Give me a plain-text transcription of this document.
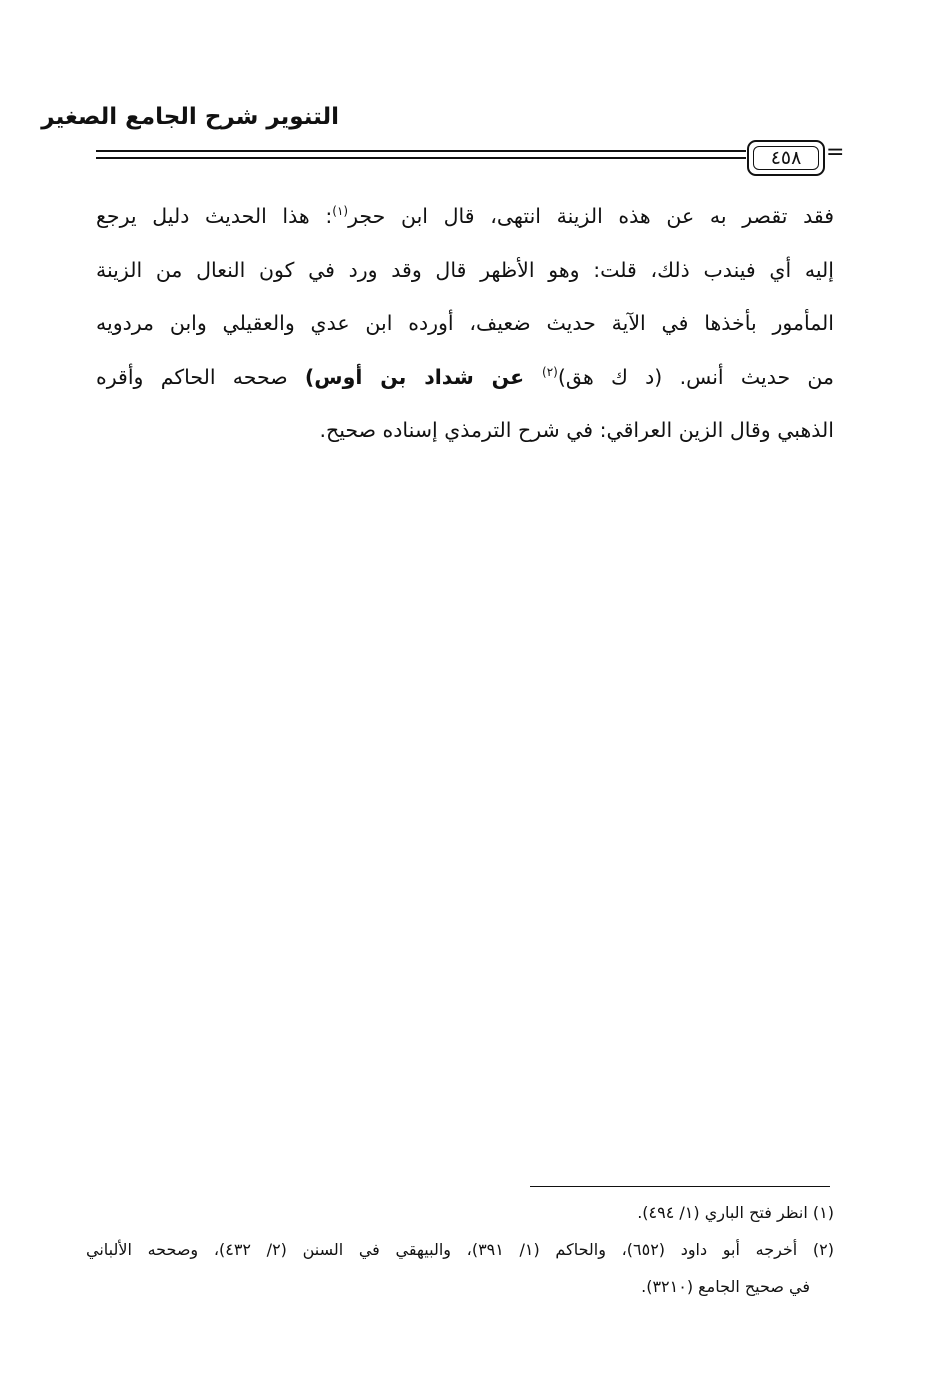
التنوير شرح الجامع الصغير
٤٥٨	=
فقد تقصر به عن هذه الزينة انتهى، قال ابن حجر$^{(١)}$: هذا الحديث دليل يرجع
إليه أي فيندب ذلك، قلت: وهو الأظهر قال وقد ورد في كون النعال من الزينة
المأمور بأخذها في الآية حديث ضعيف، أورده ابن عدي والعقيلي وابن مردويه
من حديث أنس. (د ك هق)$^{(٢)}$ عن شداد بن أوس) صححه الحاكم وأقره
الذهبي وقال الزين العراقي: في شرح الترمذي إسناده صحيح.
(١) انظر فتح الباري (١/ ٤٩٤).
(٢) أخرجه أبو داود (٦٥٢)، والحاكم (١/ ٣٩١)، والبيهقي في السنن (٢/ ٤٣٢)، وصححه الألباني
في صحيح الجامع (٣٢١٠).
